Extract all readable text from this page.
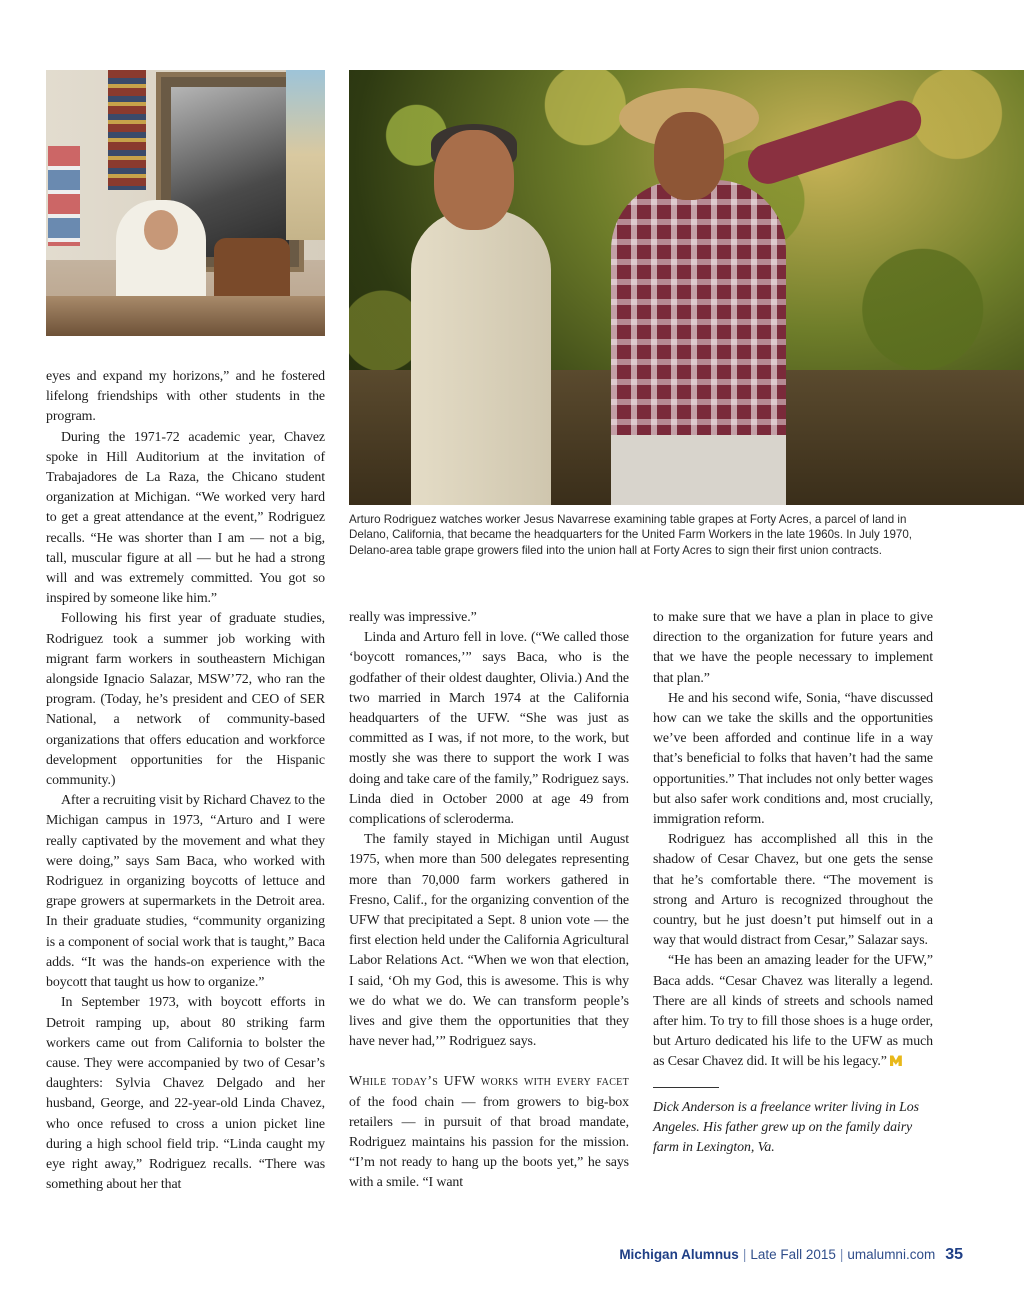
Arturo Rodriguez watches worker Jesus Navarrese examining table grapes at Forty Acres, a parcel of land in Delano, California, that became the headquarters for the United Farm Workers in the late 1960s. In July 1970, Delano-area table grape growers filed into the union hall at Forty Acres to sign their first union contracts.

eyes and expand my horizons,” and he fostered lifelong friendships with other students in the program.

During the 1971-72 academic year, Chavez spoke in Hill Auditorium at the invitation of Trabajadores de La Raza, the Chicano student organization at Michigan. “We worked very hard to get a great attendance at the event,” Rodriguez recalls. “He was shorter than I am — not a big, tall, muscular figure at all — but he had a strong will and was extremely committed. You got so inspired by someone like him.”

Following his first year of graduate studies, Rodriguez took a summer job working with migrant farm workers in southeastern Michigan alongside Ignacio Salazar, MSW’72, who ran the program. (Today, he’s president and CEO of SER National, a network of community-based organizations that offers education and workforce development opportunities for the Hispanic community.)

After a recruiting visit by Richard Chavez to the Michigan campus in 1973, “Arturo and I were really captivated by the movement and what they were doing,” says Sam Baca, who worked with Rodriguez in organizing boycotts of lettuce and grape growers at supermarkets in the Detroit area. In their graduate studies, “community organizing is a component of social work that is taught,” Baca adds. “It was the hands-on experience with the boycott that taught us how to organize.”

In September 1973, with boycott efforts in Detroit ramping up, about 80 striking farm workers came out from California to bolster the cause. They were accompanied by two of Cesar’s daughters: Sylvia Chavez Delgado and her husband, George, and 22-year-old Linda Chavez, who once refused to cross a union picket line during a high school field trip. “Linda caught my eye right away,” Rodriguez recalls. “There was something about her that

really was impressive.”

Linda and Arturo fell in love. (“We called those ‘boycott romances,’” says Baca, who is the godfather of their oldest daughter, Olivia.) And the two married in March 1974 at the California headquarters of the UFW. “She was just as committed as I was, if not more, to the work, but mostly she was there to support the work I was doing and take care of the family,” Rodriguez says. Linda died in October 2000 at age 49 from complications of scleroderma.

The family stayed in Michigan until August 1975, when more than 500 delegates representing more than 70,000 farm workers gathered in Fresno, Calif., for the organizing convention of the UFW that precipitated a Sept. 8 union vote — the first election held under the California Agricultural Labor Relations Act. “When we won that election, I said, ‘Oh my God, this is awesome. This is why we do what we do. We can transform people’s lives and give them the opportunities that they have never had,’” Rodriguez says.

While today’s UFW works with every facet of the food chain — from growers to big-box retailers — in pursuit of that broad mandate, Rodriguez maintains his passion for the mission. “I’m not ready to hang up the boots yet,” he says with a smile. “I want

to make sure that we have a plan in place to give direction to the organization for future years and that we have the people necessary to implement that plan.”

He and his second wife, Sonia, “have discussed how can we take the skills and the opportunities we’ve been afforded and continue life in a way that’s beneficial to folks that haven’t had the same opportunities.” That includes not only better wages but also safer work conditions and, most crucially, immigration reform.

Rodriguez has accomplished all this in the shadow of Cesar Chavez, but one gets the sense that he’s comfortable there. “The movement is strong and Arturo is recognized throughout the country, but he just doesn’t put himself out in a way that would distract from Cesar,” Salazar says.

“He has been an amazing leader for the UFW,” Baca adds. “Cesar Chavez was literally a legend. There are all kinds of streets and schools named after him. To try to fill those shoes is a huge order, but Arturo dedicated his life to the UFW as much as Cesar Chavez did. It will be his legacy.”

Dick Anderson is a freelance writer living in Los Angeles. His father grew up on the family dairy farm in Lexington, Va.

Michigan Alumnus | Late Fall 2015 | umalumni.com 35
